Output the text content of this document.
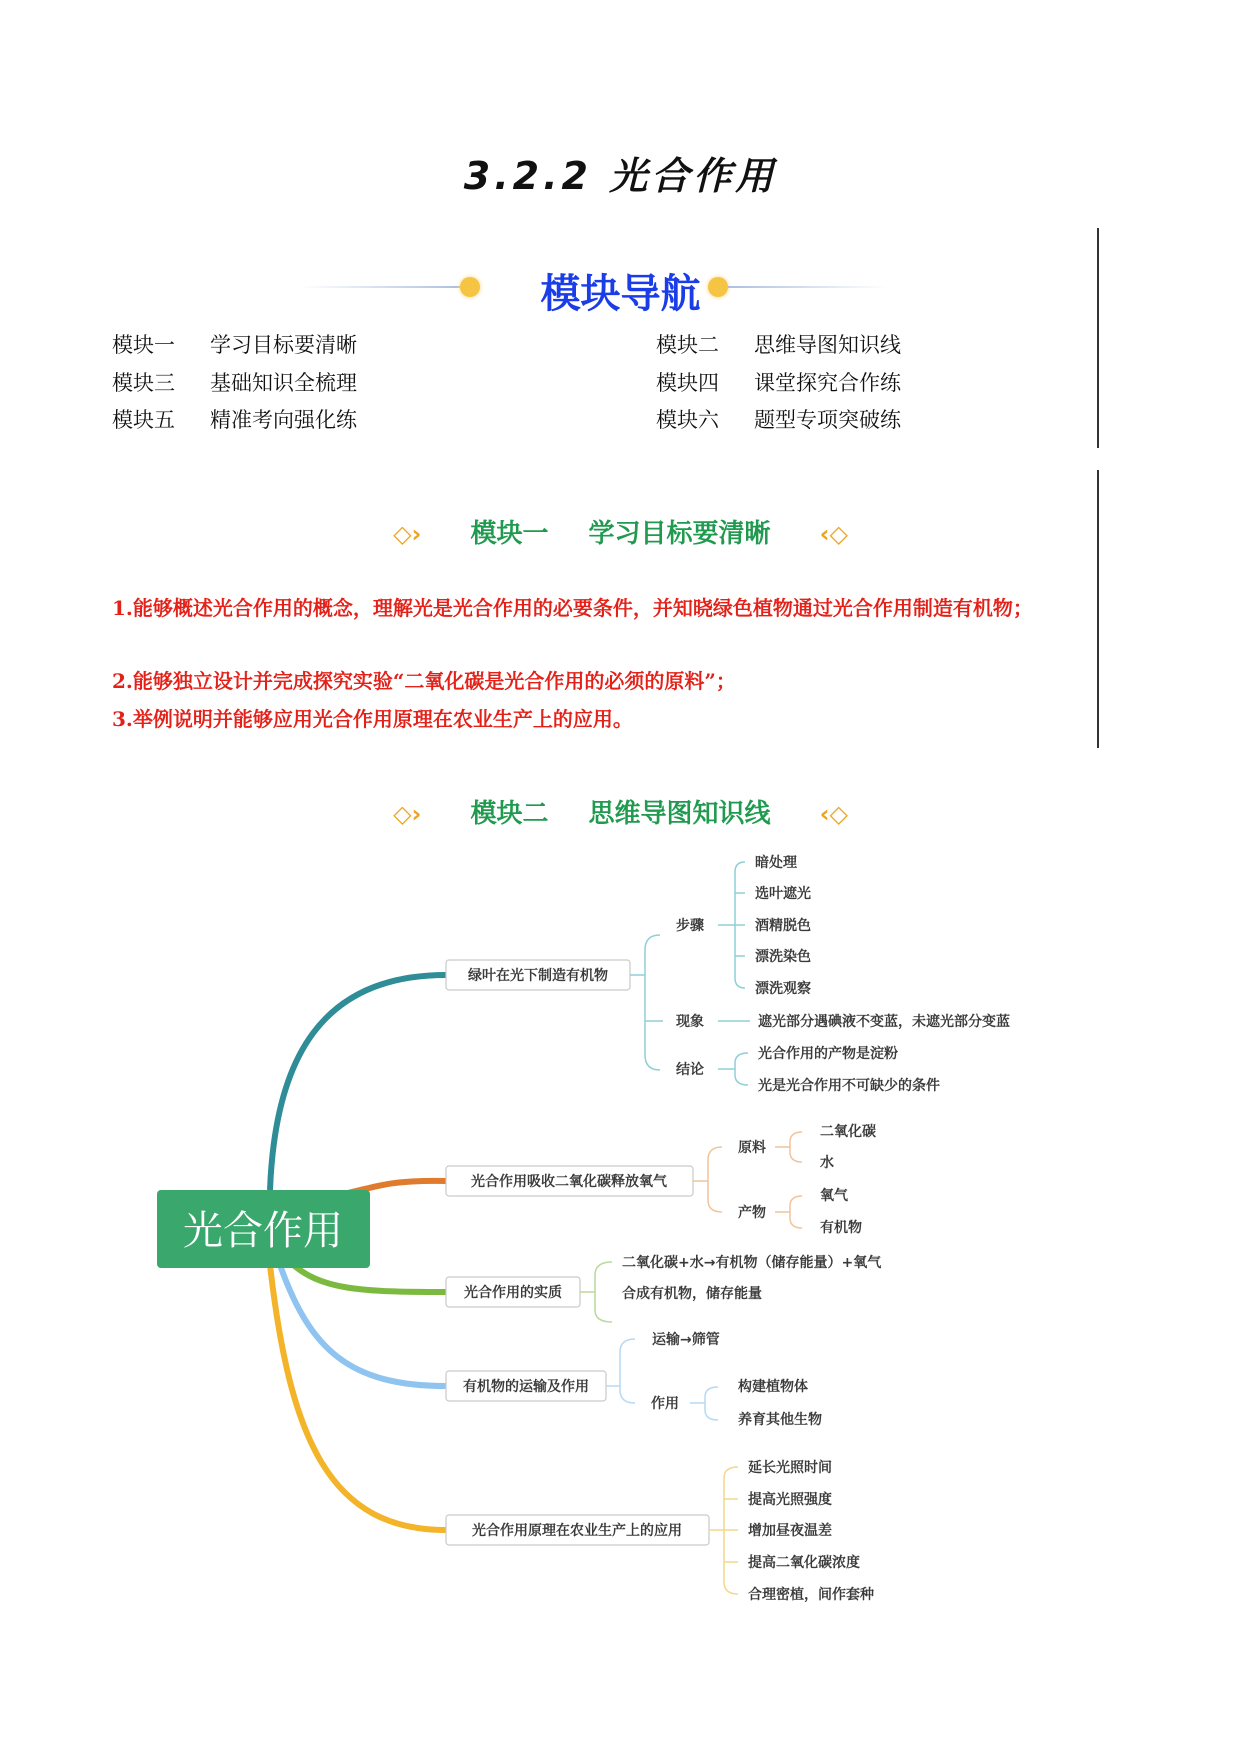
3.2.2 光合作用
模块导航
模块一 学习目标要清晰	模块二 思维导图知识线
模块三 基础知识全梳理	模块四 课堂探究合作练
模块五 精准考向强化练	模块六 题型专项突破练
◇› 模块一 学习目标要清晰 ‹◇
1.能够概述光合作用的概念，理解光是光合作用的必要条件，并知晓绿色植物通过光合作用制造有机物；
2.能够独立设计并完成探究实验“二氧化碳是光合作用的必须的原料”；
3.举例说明并能够应用光合作用原理在农业生产上的应用。
◇› 模块二 思维导图知识线 ‹◇
光合作用
绿叶在光下制造有机物
步骤
暗处理
选叶遮光
酒精脱色
漂洗染色
漂洗观察
现象	遮光部分遇碘液不变蓝，未遮光部分变蓝
结论
光合作用的产物是淀粉
光是光合作用不可缺少的条件
光合作用吸收二氧化碳释放氧气
原料
二氧化碳
水
产物
氧气
有机物
光合作用的实质
二氧化碳+水→有机物（储存能量）+氧气
合成有机物，储存能量
有机物的运输及作用
运输→筛管
作用
构建植物体
养育其他生物
光合作用原理在农业生产上的应用
延长光照时间
提高光照强度
增加昼夜温差
提高二氧化碳浓度
合理密植，间作套种
